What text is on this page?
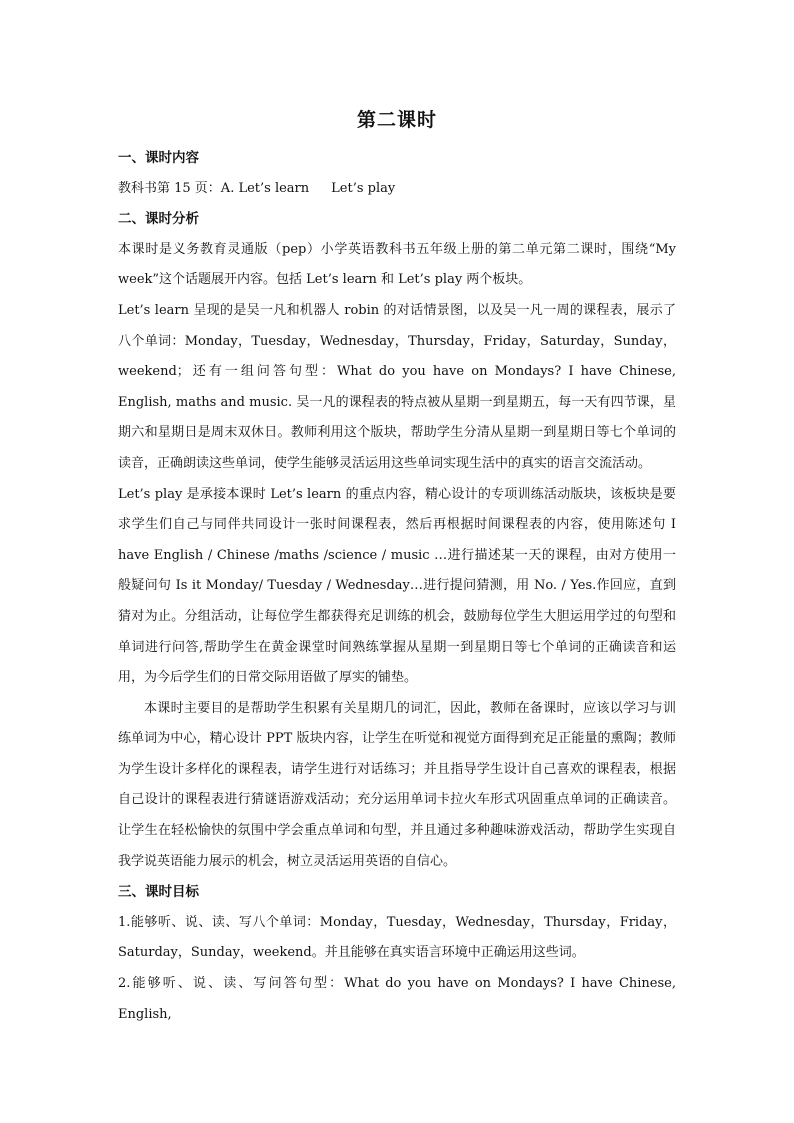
第二课时

一、课时内容

教科书第 15 页：A. Let’s learn Let’s play

二、课时分析

本课时是义务教育灵通版（pep）小学英语教科书五年级上册的第二单元第二课时，围绕“My week”这个话题展开内容。包括 Let’s learn 和 Let’s play 两个板块。

Let’s learn 呈现的是吴一凡和机器人 robin 的对话情景图，以及吴一凡一周的课程表，展示了八个单词：Monday，Tuesday，Wednesday，Thursday，Friday，Saturday，Sunday，weekend；还有一组问答句型：What do you have on Mondays? I have Chinese, English, maths and music. 吴一凡的课程表的特点被从星期一到星期五，每一天有四节课，星期六和星期日是周末双休日。教师利用这个版块，帮助学生分清从星期一到星期日等七个单词的读音，正确朗读这些单词，使学生能够灵活运用这些单词实现生活中的真实的语言交流活动。

Let’s play 是承接本课时 Let’s learn 的重点内容，精心设计的专项训练活动版块，该板块是要求学生们自己与同伴共同设计一张时间课程表，然后再根据时间课程表的内容，使用陈述句 I have English / Chinese /maths /science / music …进行描述某一天的课程，由对方使用一般疑问句 Is it Monday/ Tuesday / Wednesday…进行提问猜测，用 No. / Yes.作回应，直到猜对为止。分组活动，让每位学生都获得充足训练的机会，鼓励每位学生大胆运用学过的句型和单词进行问答,帮助学生在黄金课堂时间熟练掌握从星期一到星期日等七个单词的正确读音和运用，为今后学生们的日常交际用语做了厚实的铺垫。

本课时主要目的是帮助学生积累有关星期几的词汇，因此，教师在备课时，应该以学习与训练单词为中心，精心设计 PPT 版块内容，让学生在听觉和视觉方面得到充足正能量的熏陶；教师为学生设计多样化的课程表，请学生进行对话练习；并且指导学生设计自己喜欢的课程表，根据自己设计的课程表进行猜谜语游戏活动；充分运用单词卡拉火车形式巩固重点单词的正确读音。让学生在轻松愉快的氛围中学会重点单词和句型，并且通过多种趣味游戏活动，帮助学生实现自我学说英语能力展示的机会，树立灵活运用英语的自信心。

三、课时目标

1.能够听、说、读、写八个单词：Monday，Tuesday，Wednesday，Thursday，Friday，Saturday，Sunday，weekend。并且能够在真实语言环境中正确运用这些词。

2.能够听、说、读、写问答句型：What do you have on Mondays? I have Chinese, English,
